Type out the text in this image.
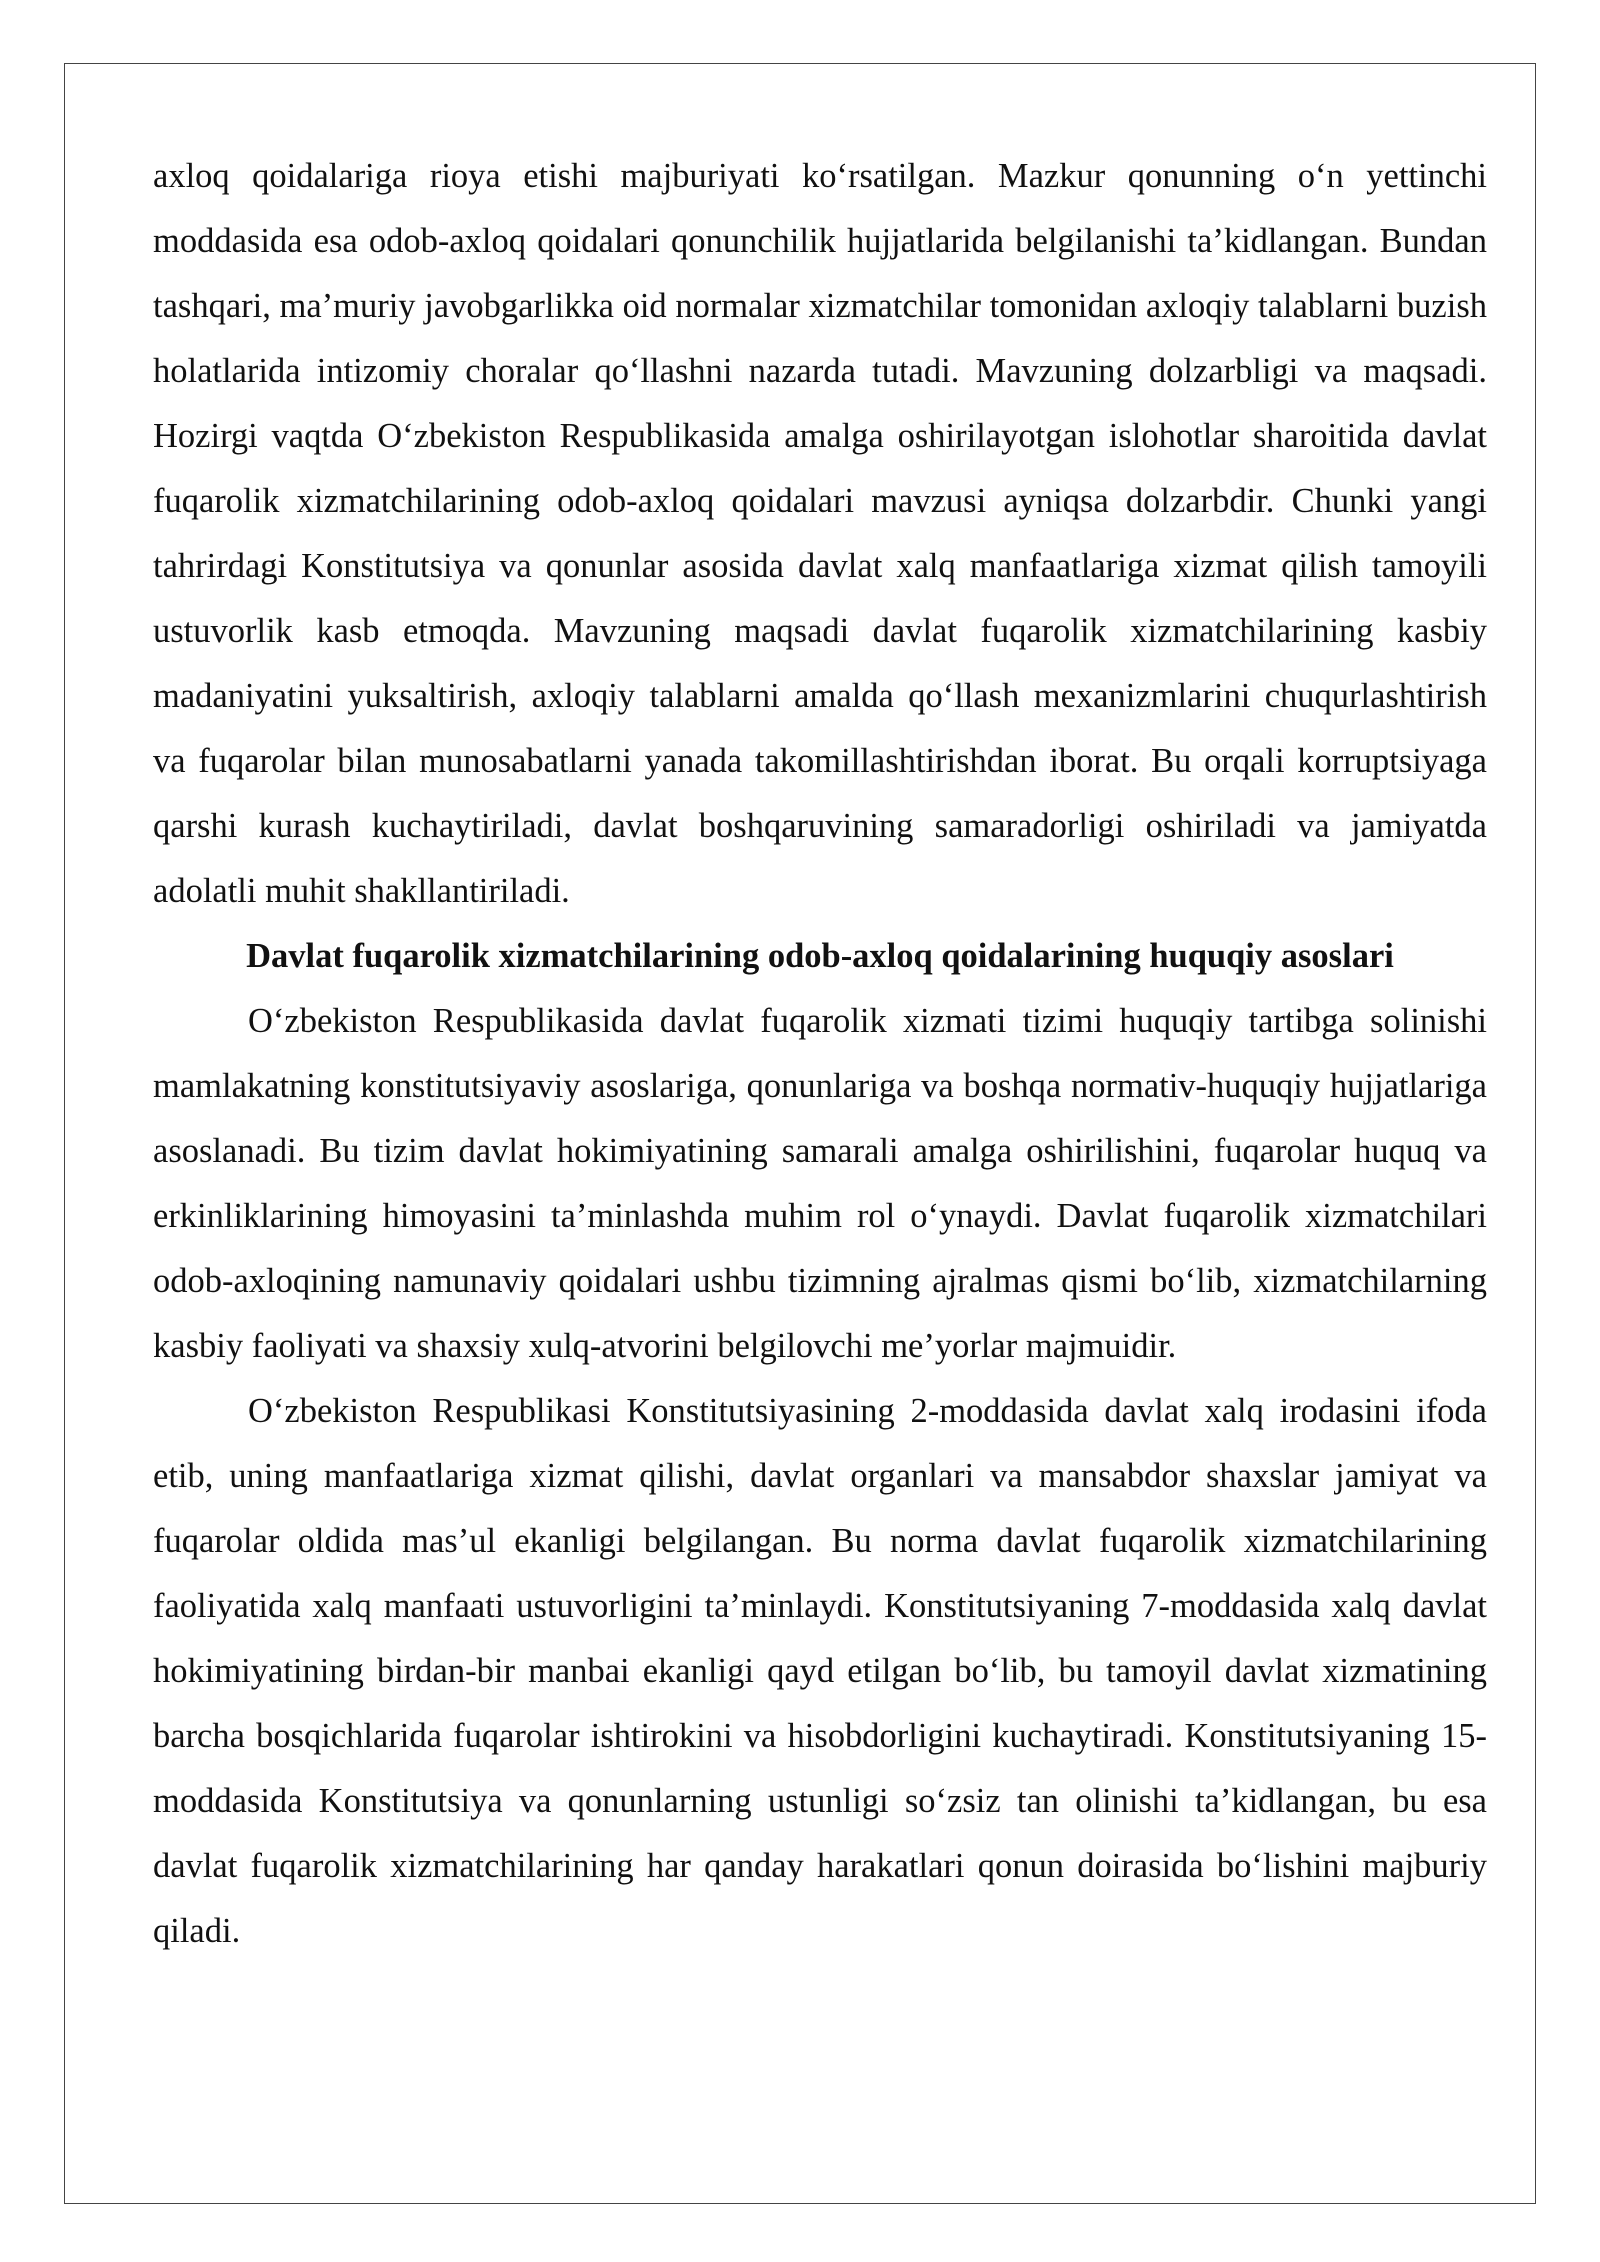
axloq qoidalariga rioya etishi majburiyati ko‘rsatilgan. Mazkur qonunning o‘n yettinchi moddasida esa odob-axloq qoidalari qonunchilik hujjatlarida belgilanishi ta’kidlangan. Bundan tashqari, ma’muriy javobgarlikka oid normalar xizmatchilar tomonidan axloqiy talablarni buzish holatlarida intizomiy choralar qo‘llashni nazarda tutadi. Mavzuning dolzarbligi va maqsadi. Hozirgi vaqtda O‘zbekiston Respublikasida amalga oshirilayotgan islohotlar sharoitida davlat fuqarolik xizmatchilarining odob-axloq qoidalari mavzusi ayniqsa dolzarbdir. Chunki yangi tahrirdagi Konstitutsiya va qonunlar asosida davlat xalq manfaatlariga xizmat qilish tamoyili ustuvorlik kasb etmoqda. Mavzuning maqsadi davlat fuqarolik xizmatchilarining kasbiy madaniyatini yuksaltirish, axloqiy talablarni amalda qo‘llash mexanizmlarini chuqurlashtirish va fuqarolar bilan munosabatlarni yanada takomillashtirishdan iborat. Bu orqali korruptsiyaga qarshi kurash kuchaytiriladi, davlat boshqaruvining samaradorligi oshiriladi va jamiyatda adolatli muhit shakllantiriladi.

Davlat fuqarolik xizmatchilarining odob-axloq qoidalarining huquqiy asoslari

O‘zbekiston Respublikasida davlat fuqarolik xizmati tizimi huquqiy tartibga solinishi mamlakatning konstitutsiyaviy asoslariga, qonunlariga va boshqa normativ-huquqiy hujjatlariga asoslanadi. Bu tizim davlat hokimiyatining samarali amalga oshirilishini, fuqarolar huquq va erkinliklarining himoyasini ta’minlashda muhim rol o‘ynaydi. Davlat fuqarolik xizmatchilari odob-axloqining namunaviy qoidalari ushbu tizimning ajralmas qismi bo‘lib, xizmatchilarning kasbiy faoliyati va shaxsiy xulq-atvorini belgilovchi me’yorlar majmuidir.

O‘zbekiston Respublikasi Konstitutsiyasining 2-moddasida davlat xalq irodasini ifoda etib, uning manfaatlariga xizmat qilishi, davlat organlari va mansabdor shaxslar jamiyat va fuqarolar oldida mas’ul ekanligi belgilangan. Bu norma davlat fuqarolik xizmatchilarining faoliyatida xalq manfaati ustuvorligini ta’minlaydi. Konstitutsiyaning 7-moddasida xalq davlat hokimiyatining birdan-bir manbai ekanligi qayd etilgan bo‘lib, bu tamoyil davlat xizmatining barcha bosqichlarida fuqarolar ishtirokini va hisobdorligini kuchaytiradi. Konstitutsiyaning 15-moddasida Konstitutsiya va qonunlarning ustunligi so‘zsiz tan olinishi ta’kidlangan, bu esa davlat fuqarolik xizmatchilarining har qanday harakatlari qonun doirasida bo‘lishini majburiy qiladi.
